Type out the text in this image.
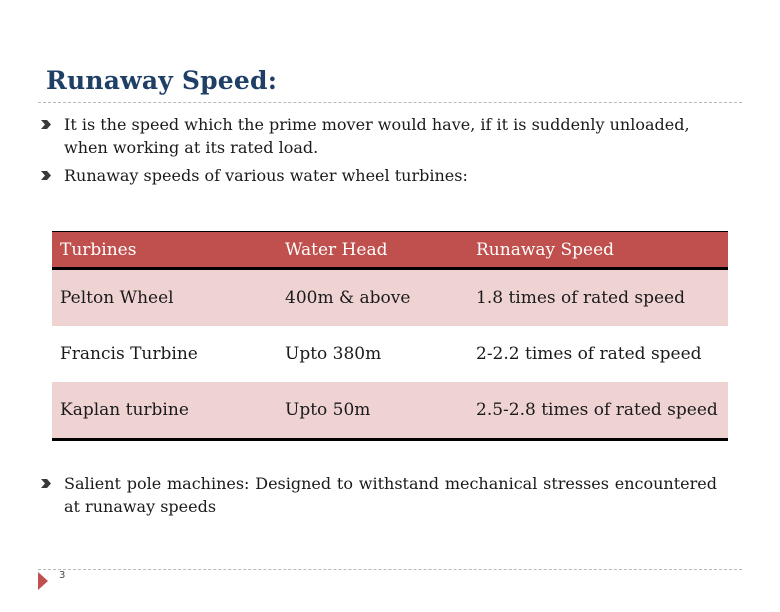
Runaway Speed:
It is the speed which the prime mover would have, if it is suddenly unloaded, when working at its rated load.
Runaway speeds of various water wheel turbines:
Turbines	Water Head	Runaway Speed
Pelton Wheel	400m & above	1.8 times of rated speed
Francis Turbine	Upto 380m	2-2.2 times of rated speed
Kaplan turbine	Upto 50m	2.5-2.8 times of rated speed
Salient pole machines: Designed to withstand mechanical stresses encountered at runaway speeds
3
